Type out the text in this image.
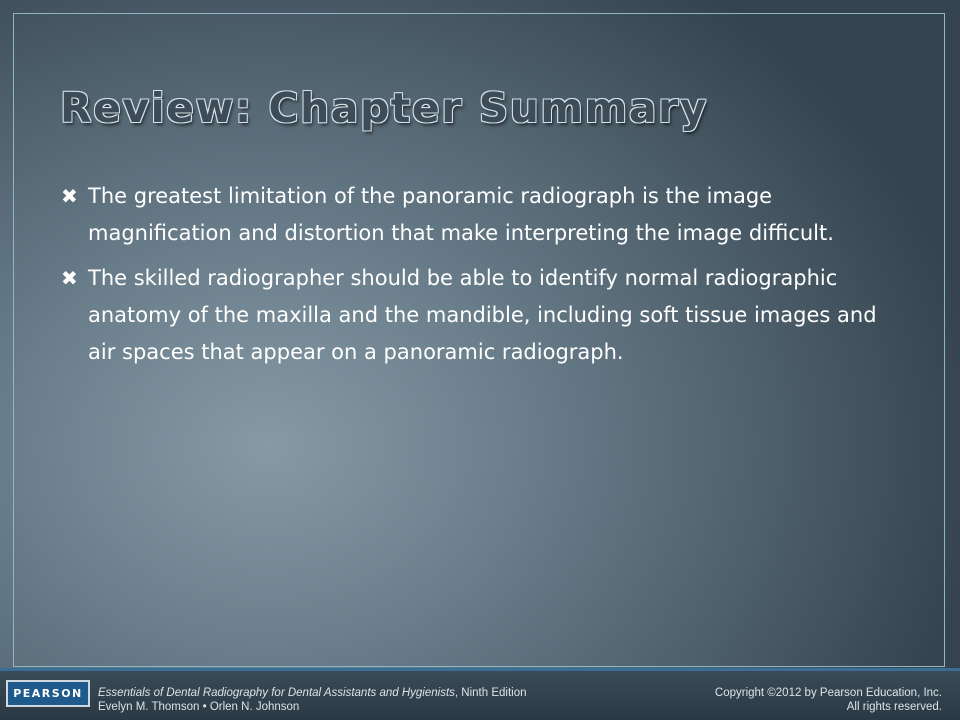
Review: Chapter Summary
✖ The greatest limitation of the panoramic radiograph is the image magnification and distortion that make interpreting the image difficult.
✖ The skilled radiographer should be able to identify normal radiographic anatomy of the maxilla and the mandible, including soft tissue images and air spaces that appear on a panoramic radiograph.
PEARSON	Essentials of Dental Radiography for Dental Assistants and Hygienists, Ninth Edition
Evelyn M. Thomson • Orlen N. Johnson
Copyright ©2012 by Pearson Education, Inc.
All rights reserved.
